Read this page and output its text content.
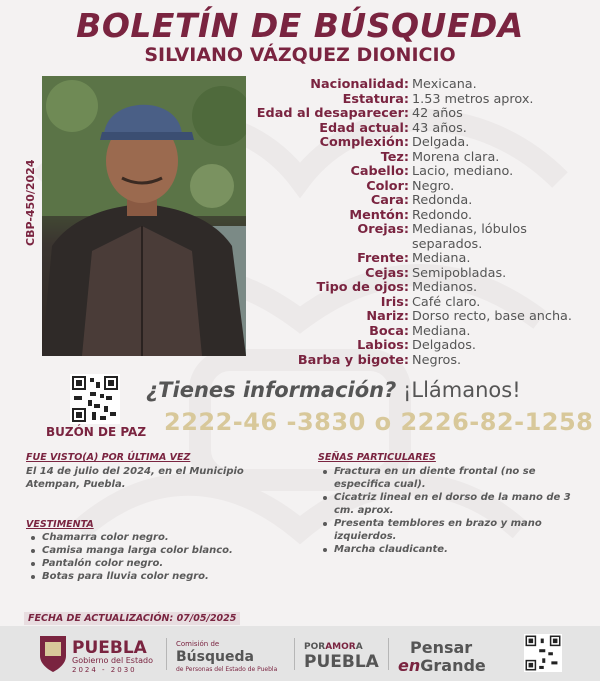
BOLETÍN DE BÚSQUEDA
SILVIANO VÁZQUEZ DIONICIO
CBP-450/2024
Nacionalidad: Mexicana.
Estatura: 1.53 metros aprox.
Edad al desaparecer: 42 años
Edad actual: 43 años.
Complexión: Delgada.
Tez: Morena clara.
Cabello: Lacio, mediano.
Color: Negro.
Cara: Redonda.
Mentón: Redondo.
Orejas: Medianas, lóbulos
separados.
Frente: Mediana.
Cejas: Semipobladas.
Tipo de ojos: Medianos.
Iris: Café claro.
Nariz: Dorso recto, base ancha.
Boca: Mediana.
Labios: Delgados.
Barba y bigote: Negros.
BUZÓN DE PAZ
¿Tienes información? ¡Llámanos!
2222-46 -3830 o 2226-82-1258
FUE VISTO(A) POR ÚLTIMA VEZ
El 14 de julio del 2024, en el Municipio Atempan, Puebla.
VESTIMENTA
Chamarra color negro.
Camisa manga larga color blanco.
Pantalón color negro.
Botas para lluvia color negro.
SEÑAS PARTICULARES
Fractura en un diente frontal (no se especifica cual).
Cicatriz lineal en el dorso de la mano de 3 cm. aprox.
Presenta temblores en brazo y mano izquierdos.
Marcha claudicante.
FECHA DE ACTUALIZACIÓN: 07/05/2025
PUEBLA
Gobierno del Estado
2024 - 2030
Comisión de
Búsqueda
de Personas del Estado de Puebla
PORAMORA
PUEBLA
Pensar
enGrande
